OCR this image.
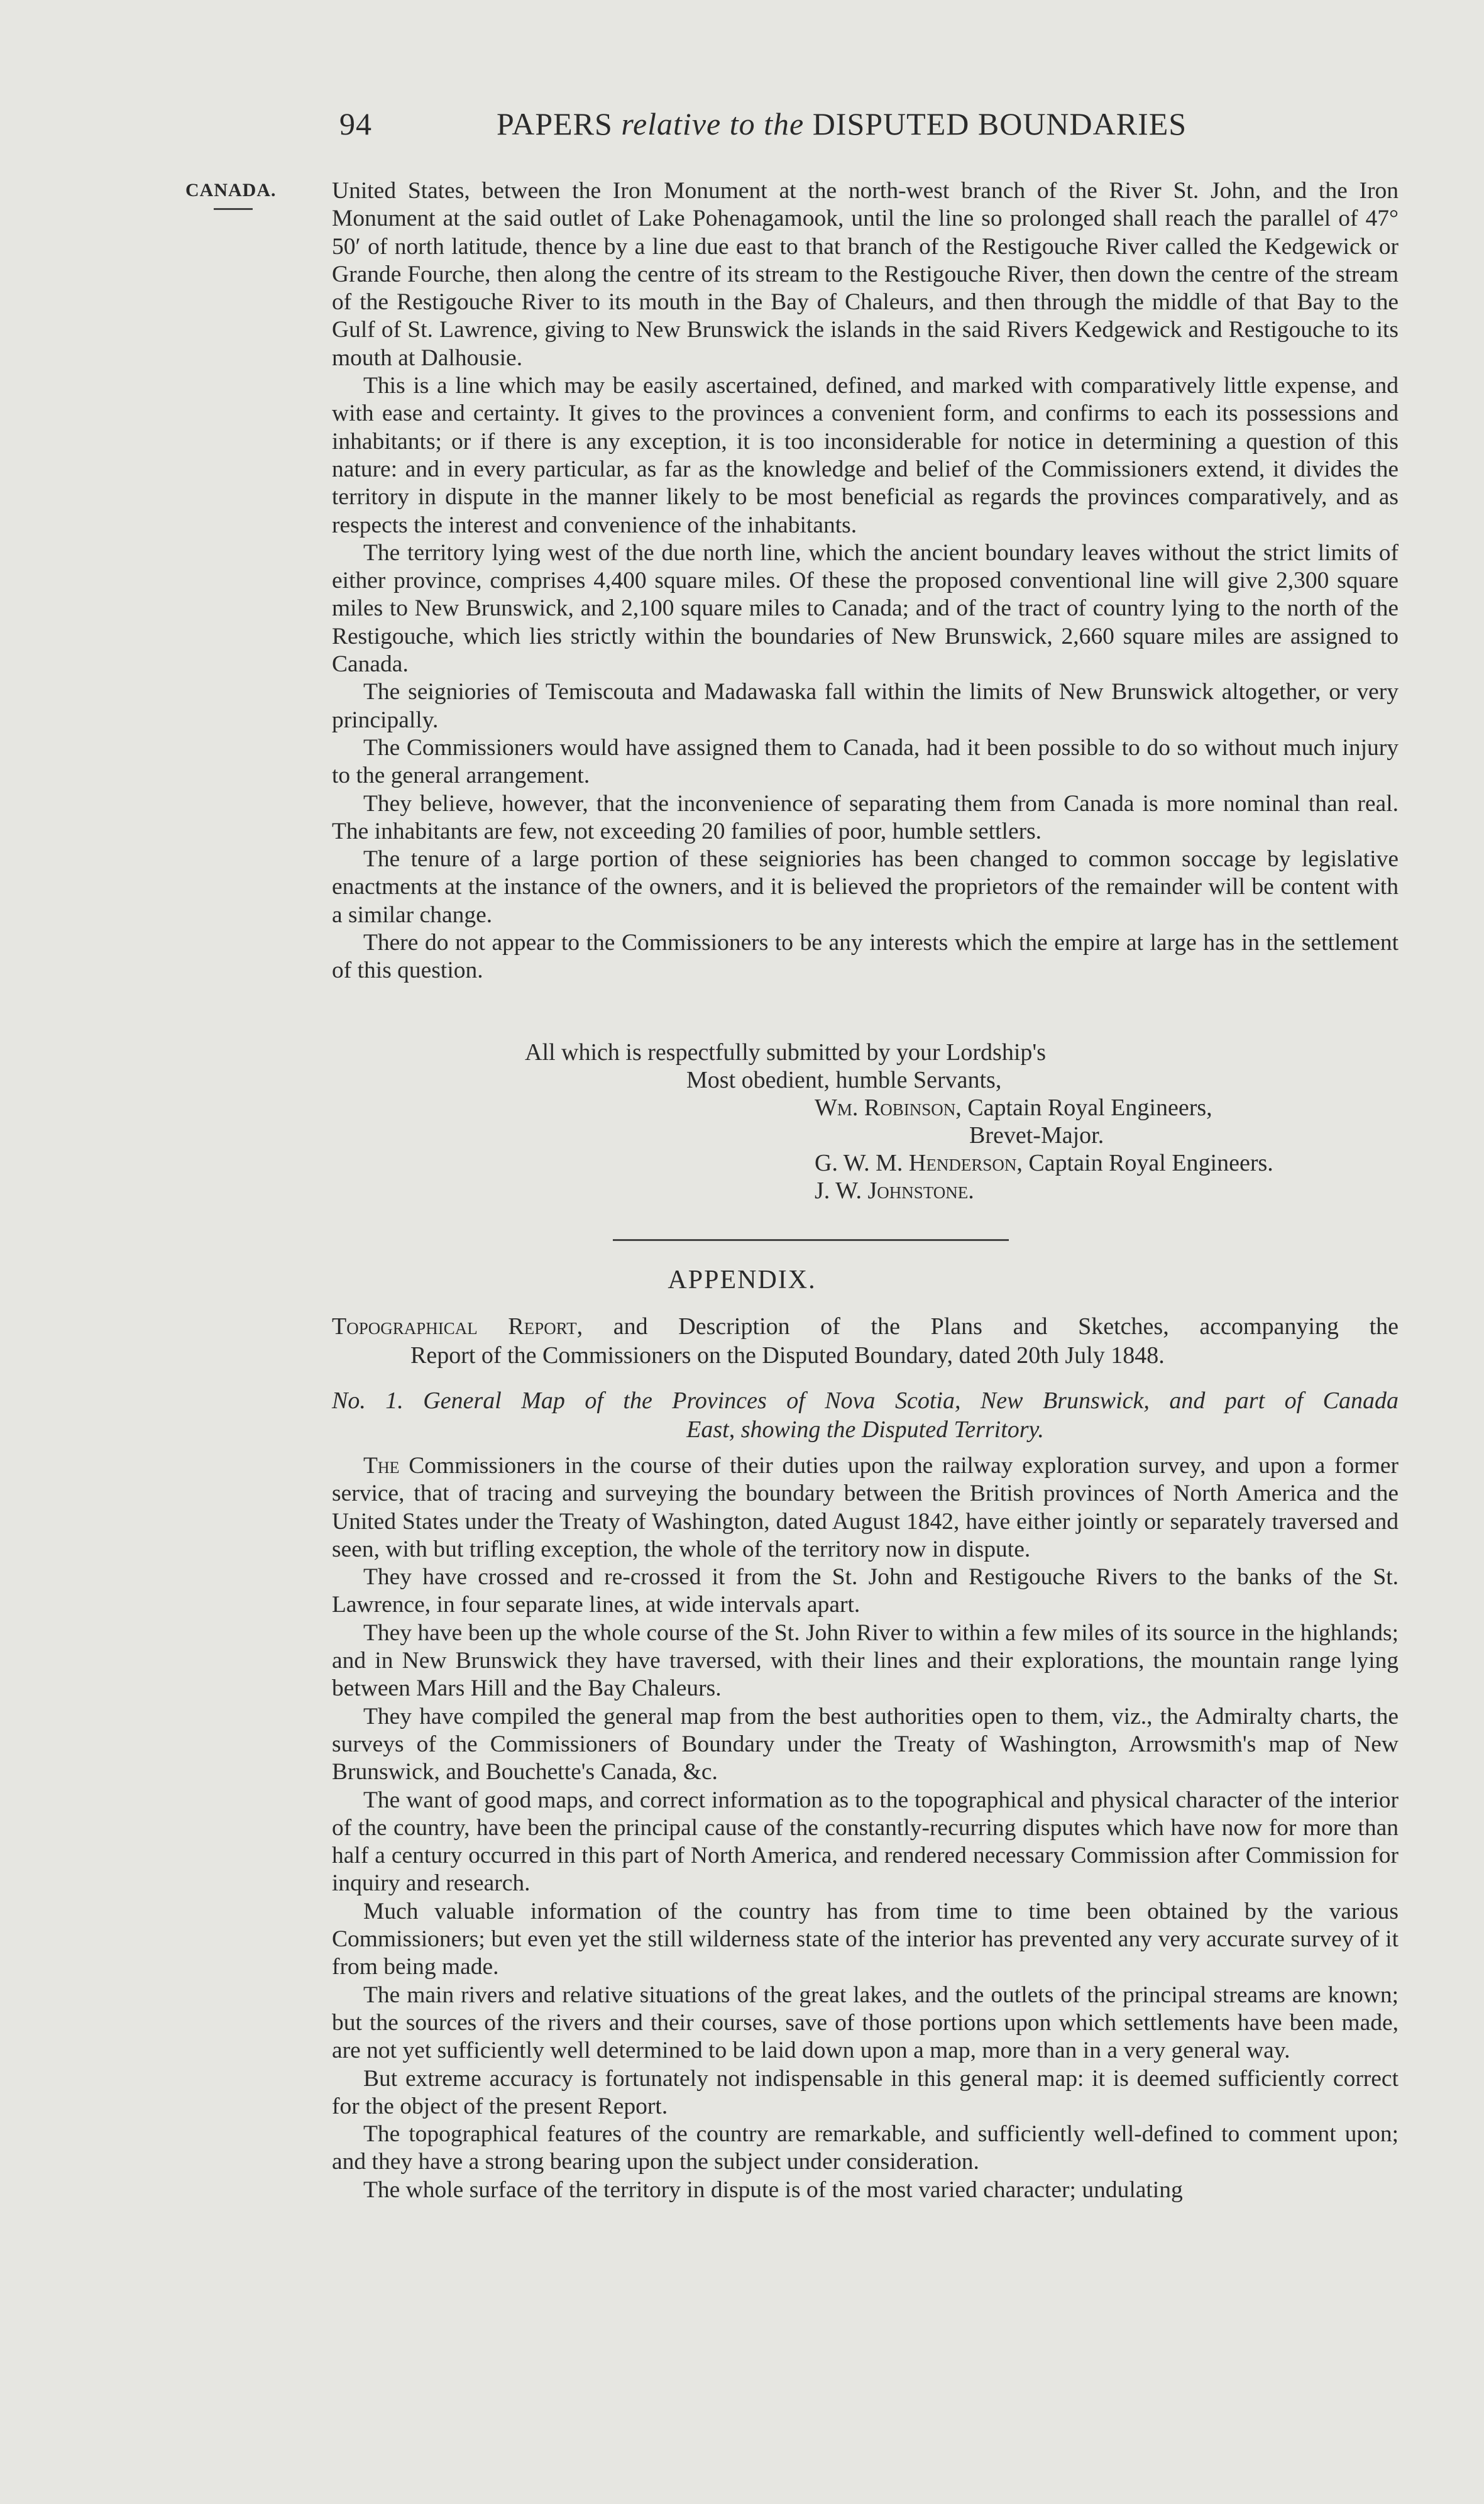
94	PAPERS relative to the DISPUTED BOUNDARIES
CANADA. United States, between the Iron Monument at the north-west branch of the River St. John, and the Iron Monument at the said outlet of Lake Pohenagamook, until the line so prolonged shall reach the parallel of 47° 50′ of north latitude, thence by a line due east to that branch of the Restigouche River called the Kedgewick or Grande Fourche, then along the centre of its stream to the Restigouche River, then down the centre of the stream of the Restigouche River to its mouth in the Bay of Chaleurs, and then through the middle of that Bay to the Gulf of St. Lawrence, giving to New Brunswick the islands in the said Rivers Kedgewick and Restigouche to its mouth at Dalhousie.

This is a line which may be easily ascertained, defined, and marked with comparatively little expense, and with ease and certainty. It gives to the provinces a convenient form, and confirms to each its possessions and inhabitants; or if there is any exception, it is too inconsiderable for notice in determining a question of this nature: and in every particular, as far as the knowledge and belief of the Commissioners extend, it divides the territory in dispute in the manner likely to be most beneficial as regards the provinces comparatively, and as respects the interest and convenience of the inhabitants.

The territory lying west of the due north line, which the ancient boundary leaves without the strict limits of either province, comprises 4,400 square miles. Of these the proposed conventional line will give 2,300 square miles to New Brunswick, and 2,100 square miles to Canada; and of the tract of country lying to the north of the Restigouche, which lies strictly within the boundaries of New Brunswick, 2,660 square miles are assigned to Canada.

The seigniories of Temiscouta and Madawaska fall within the limits of New Brunswick altogether, or very principally.

The Commissioners would have assigned them to Canada, had it been possible to do so without much injury to the general arrangement.

They believe, however, that the inconvenience of separating them from Canada is more nominal than real. The inhabitants are few, not exceeding 20 families of poor, humble settlers.

The tenure of a large portion of these seigniories has been changed to common soccage by legislative enactments at the instance of the owners, and it is believed the proprietors of the remainder will be content with a similar change.

There do not appear to the Commissioners to be any interests which the empire at large has in the settlement of this question.

All which is respectfully submitted by your Lordship's
Most obedient, humble Servants,
Wm. Robinson, Captain Royal Engineers,
Brevet-Major.
G. W. M. Henderson, Captain Royal Engineers.
J. W. Johnstone.
APPENDIX.
Topographical Report, and Description of the Plans and Sketches, accompanying the
Report of the Commissioners on the Disputed Boundary, dated 20th July 1848.
No. 1. General Map of the Provinces of Nova Scotia, New Brunswick, and part of Canada
East, showing the Disputed Territory.

The Commissioners in the course of their duties upon the railway exploration survey, and upon a former service, that of tracing and surveying the boundary between the British provinces of North America and the United States under the Treaty of Washington, dated August 1842, have either jointly or separately traversed and seen, with but trifling exception, the whole of the territory now in dispute.

They have crossed and re-crossed it from the St. John and Restigouche Rivers to the banks of the St. Lawrence, in four separate lines, at wide intervals apart.

They have been up the whole course of the St. John River to within a few miles of its source in the highlands; and in New Brunswick they have traversed, with their lines and their explorations, the mountain range lying between Mars Hill and the Bay Chaleurs.

They have compiled the general map from the best authorities open to them, viz., the Admiralty charts, the surveys of the Commissioners of Boundary under the Treaty of Washington, Arrowsmith's map of New Brunswick, and Bouchette's Canada, &c.

The want of good maps, and correct information as to the topographical and physical character of the interior of the country, have been the principal cause of the constantly-recurring disputes which have now for more than half a century occurred in this part of North America, and rendered necessary Commission after Commission for inquiry and research.

Much valuable information of the country has from time to time been obtained by the various Commissioners; but even yet the still wilderness state of the interior has prevented any very accurate survey of it from being made.

The main rivers and relative situations of the great lakes, and the outlets of the principal streams are known; but the sources of the rivers and their courses, save of those portions upon which settlements have been made, are not yet sufficiently well determined to be laid down upon a map, more than in a very general way.

But extreme accuracy is fortunately not indispensable in this general map: it is deemed sufficiently correct for the object of the present Report.

The topographical features of the country are remarkable, and sufficiently well-defined to comment upon; and they have a strong bearing upon the subject under consideration.

The whole surface of the territory in dispute is of the most varied character; undulating
